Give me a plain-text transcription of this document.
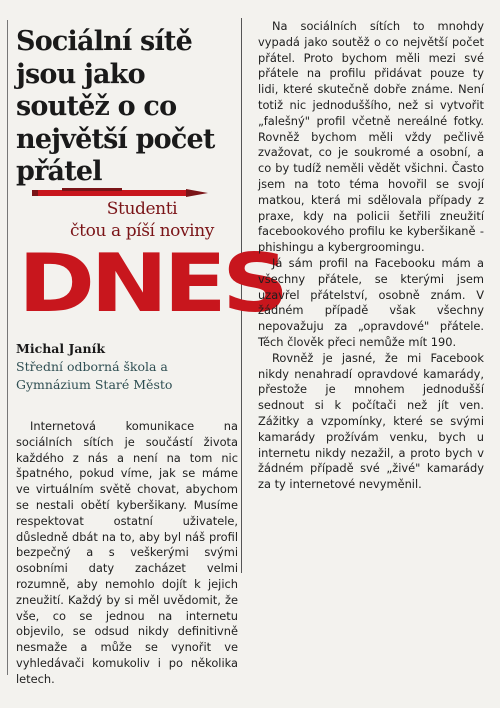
Sociální sítě jsou jako soutěž o co největší počet přátel
Studenti
čtou a píší noviny
DNES
Michal Janík
Střední odborná škola a Gymnázium Staré Město

Internetová komunikace na sociálních sítích je součástí života každého z nás a není na tom nic špatného, pokud víme, jak se máme ve virtuálním světě chovat, abychom se nestali obětí kyberšikany. Musíme respektovat ostatní uživatele, důsledně dbát na to, aby byl náš profil bezpečný a s veškerými svými osobními daty zacházet velmi rozumně, aby nemohlo dojít k jejich zneužití. Každý by si měl uvědomit, že vše, co se jednou na internetu objevilo, se odsud nikdy definitivně nesmaže a může se vynořit ve vyhledávači komukoliv i po několika letech.

Na sociálních sítích to mnohdy vypadá jako soutěž o co největší počet přátel. Proto bychom měli mezi své přátele na profilu přidávat pouze ty lidi, které skutečně dobře známe. Není totiž nic jednoduššího, než si vytvořit „falešný" profil včetně nereálné fotky. Rovněž bychom měli vždy pečlivě zvažovat, co je soukromé a osobní, a co by tudíž neměli vědět všichni. Často jsem na toto téma hovořil se svojí matkou, která mi sdělovala případy z praxe, kdy na policii šetřili zneužití facebookového profilu ke kyberšikaně - phishingu a kybergroomingu.

Já sám profil na Facebooku mám a všechny přátele, se kterými jsem uzavřel přátelství, osobně znám. V žádném případě však všechny nepovažuju za „opravdové" přátele. Těch člověk přeci nemůže mít 190.

Rovněž je jasné, že mi Facebook nikdy nenahradí opravdové kamarády, přestože je mnohem jednodušší sednout si k počítači než jít ven. Zážitky a vzpomínky, které se svými kamarády prožívám venku, bych u internetu nikdy nezažil, a proto bych v žádném případě své „živé" kamarády za ty internetové nevyměnil.
